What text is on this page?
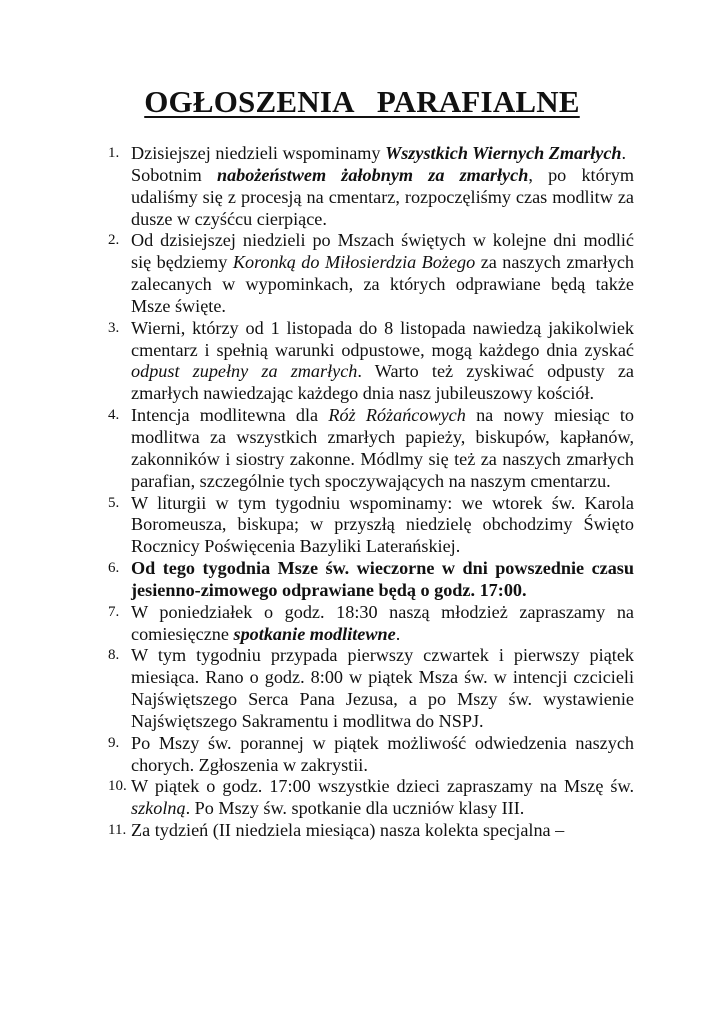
OGŁOSZENIA   PARAFIALNE
1. Dzisiejszej niedzieli wspominamy Wszystkich Wiernych Zmarłych.
Sobotnim nabożeństwem żałobnym za zmarłych, po którym udaliśmy się z procesją na cmentarz, rozpoczęliśmy czas modlitw za dusze w czyśćcu cierpiące.
2. Od dzisiejszej niedzieli po Mszach świętych w kolejne dni modlić się będziemy Koronką do Miłosierdzia Bożego za naszych zmarłych zalecanych w wypominkach, za których odprawiane będą także Msze święte.
3. Wierni, którzy od 1 listopada do 8 listopada nawiedzą jakikolwiek cmentarz i spełnią warunki odpustowe, mogą każdego dnia zyskać odpust zupełny za zmarłych. Warto też zyskiwać odpusty za zmarłych nawiedzając każdego dnia nasz jubileuszowy kościół.
4. Intencja modlitewna dla Róż Różańcowych na nowy miesiąc to modlitwa za wszystkich zmarłych papieży, biskupów, kapłanów, zakonników i siostry zakonne. Módlmy się też za naszych zmarłych parafian, szczególnie tych spoczywających na naszym cmentarzu.
5. W liturgii w tym tygodniu wspominamy: we wtorek św. Karola Boromeusza, biskupa; w przyszłą niedzielę obchodzimy Święto Rocznicy Poświęcenia Bazyliki Laterańskiej.
6. Od tego tygodnia Msze św. wieczorne w dni powszednie czasu jesienno-zimowego odprawiane będą o godz. 17:00.
7. W poniedziałek o godz. 18:30 naszą młodzież zapraszamy na comiesięczne spotkanie modlitewne.
8. W tym tygodniu przypada pierwszy czwartek i pierwszy piątek miesiąca. Rano o godz. 8:00 w piątek Msza św. w intencji czcicieli Najświętszego Serca Pana Jezusa, a po Mszy św. wystawienie Najświętszego Sakramentu i modlitwa do NSPJ.
9. Po Mszy św. porannej w piątek możliwość odwiedzenia naszych chorych. Zgłoszenia w zakrystii.
10. W piątek o godz. 17:00 wszystkie dzieci zapraszamy na Mszę św. szkolną. Po Mszy św. spotkanie dla uczniów klasy III.
11. Za tydzień (II niedziela miesiąca) nasza kolekta specjalna –
